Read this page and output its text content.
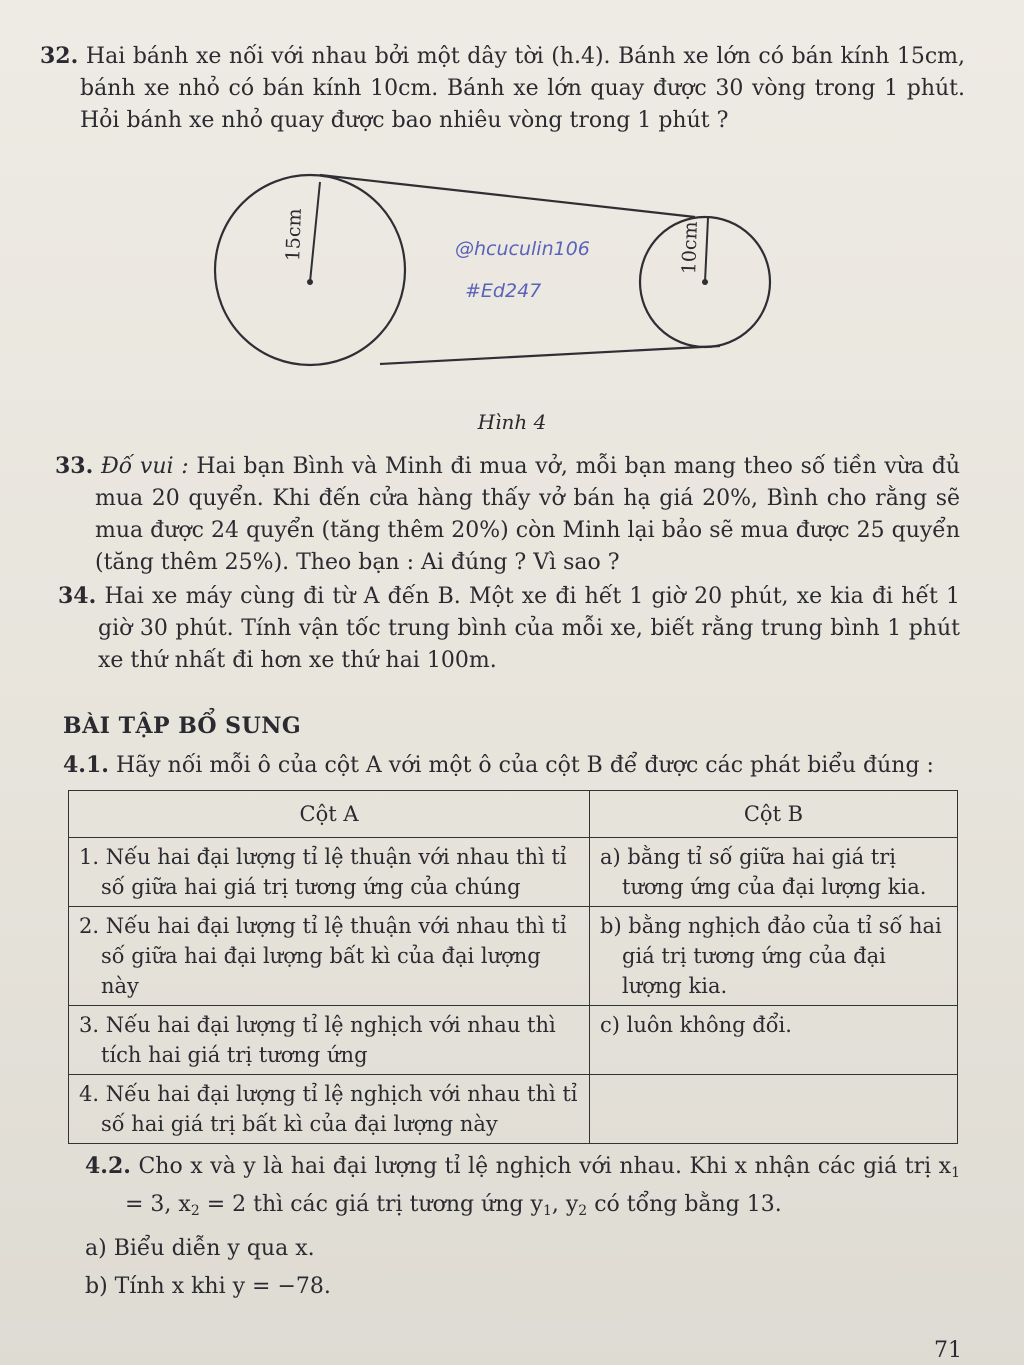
32. Hai bánh xe nối với nhau bởi một dây tời (h.4). Bánh xe lớn có bán kính 15cm, bánh xe nhỏ có bán kính 10cm. Bánh xe lớn quay được 30 vòng trong 1 phút. Hỏi bánh xe nhỏ quay được bao nhiêu vòng trong 1 phút ?
15cm	10cm
@hcuculin106
#Ed247
Hình 4
33. Đố vui : Hai bạn Bình và Minh đi mua vở, mỗi bạn mang theo số tiền vừa đủ mua 20 quyển. Khi đến cửa hàng thấy vở bán hạ giá 20%, Bình cho rằng sẽ mua được 24 quyển (tăng thêm 20%) còn Minh lại bảo sẽ mua được 25 quyển (tăng thêm 25%). Theo bạn : Ai đúng ? Vì sao ?
34. Hai xe máy cùng đi từ A đến B. Một xe đi hết 1 giờ 20 phút, xe kia đi hết 1 giờ 30 phút. Tính vận tốc trung bình của mỗi xe, biết rằng trung bình 1 phút xe thứ nhất đi hơn xe thứ hai 100m.
BÀI TẬP BỔ SUNG
4.1. Hãy nối mỗi ô của cột A với một ô của cột B để được các phát biểu đúng :
Cột A	Cột B

1. Nếu hai đại lượng tỉ lệ thuận với nhau thì tỉ số giữa hai giá trị tương ứng của chúng	a) bằng tỉ số giữa hai giá trị tương ứng của đại lượng kia.

2. Nếu hai đại lượng tỉ lệ thuận với nhau thì tỉ số giữa hai đại lượng bất kì của đại lượng này	b) bằng nghịch đảo của tỉ số hai giá trị tương ứng của đại lượng kia.

3. Nếu hai đại lượng tỉ lệ nghịch với nhau thì tích hai giá trị tương ứng	c) luôn không đổi.

4. Nếu hai đại lượng tỉ lệ nghịch với nhau thì tỉ số hai giá trị bất kì của đại lượng này	

4.2. Cho x và y là hai đại lượng tỉ lệ nghịch với nhau. Khi x nhận các giá trị $x_1 = 3$, $x_2 = 2$ thì các giá trị tương ứng $y_1$, $y_2$ có tổng bằng 13.
a) Biểu diễn y qua x.
b) Tính x khi y = −78.
71
